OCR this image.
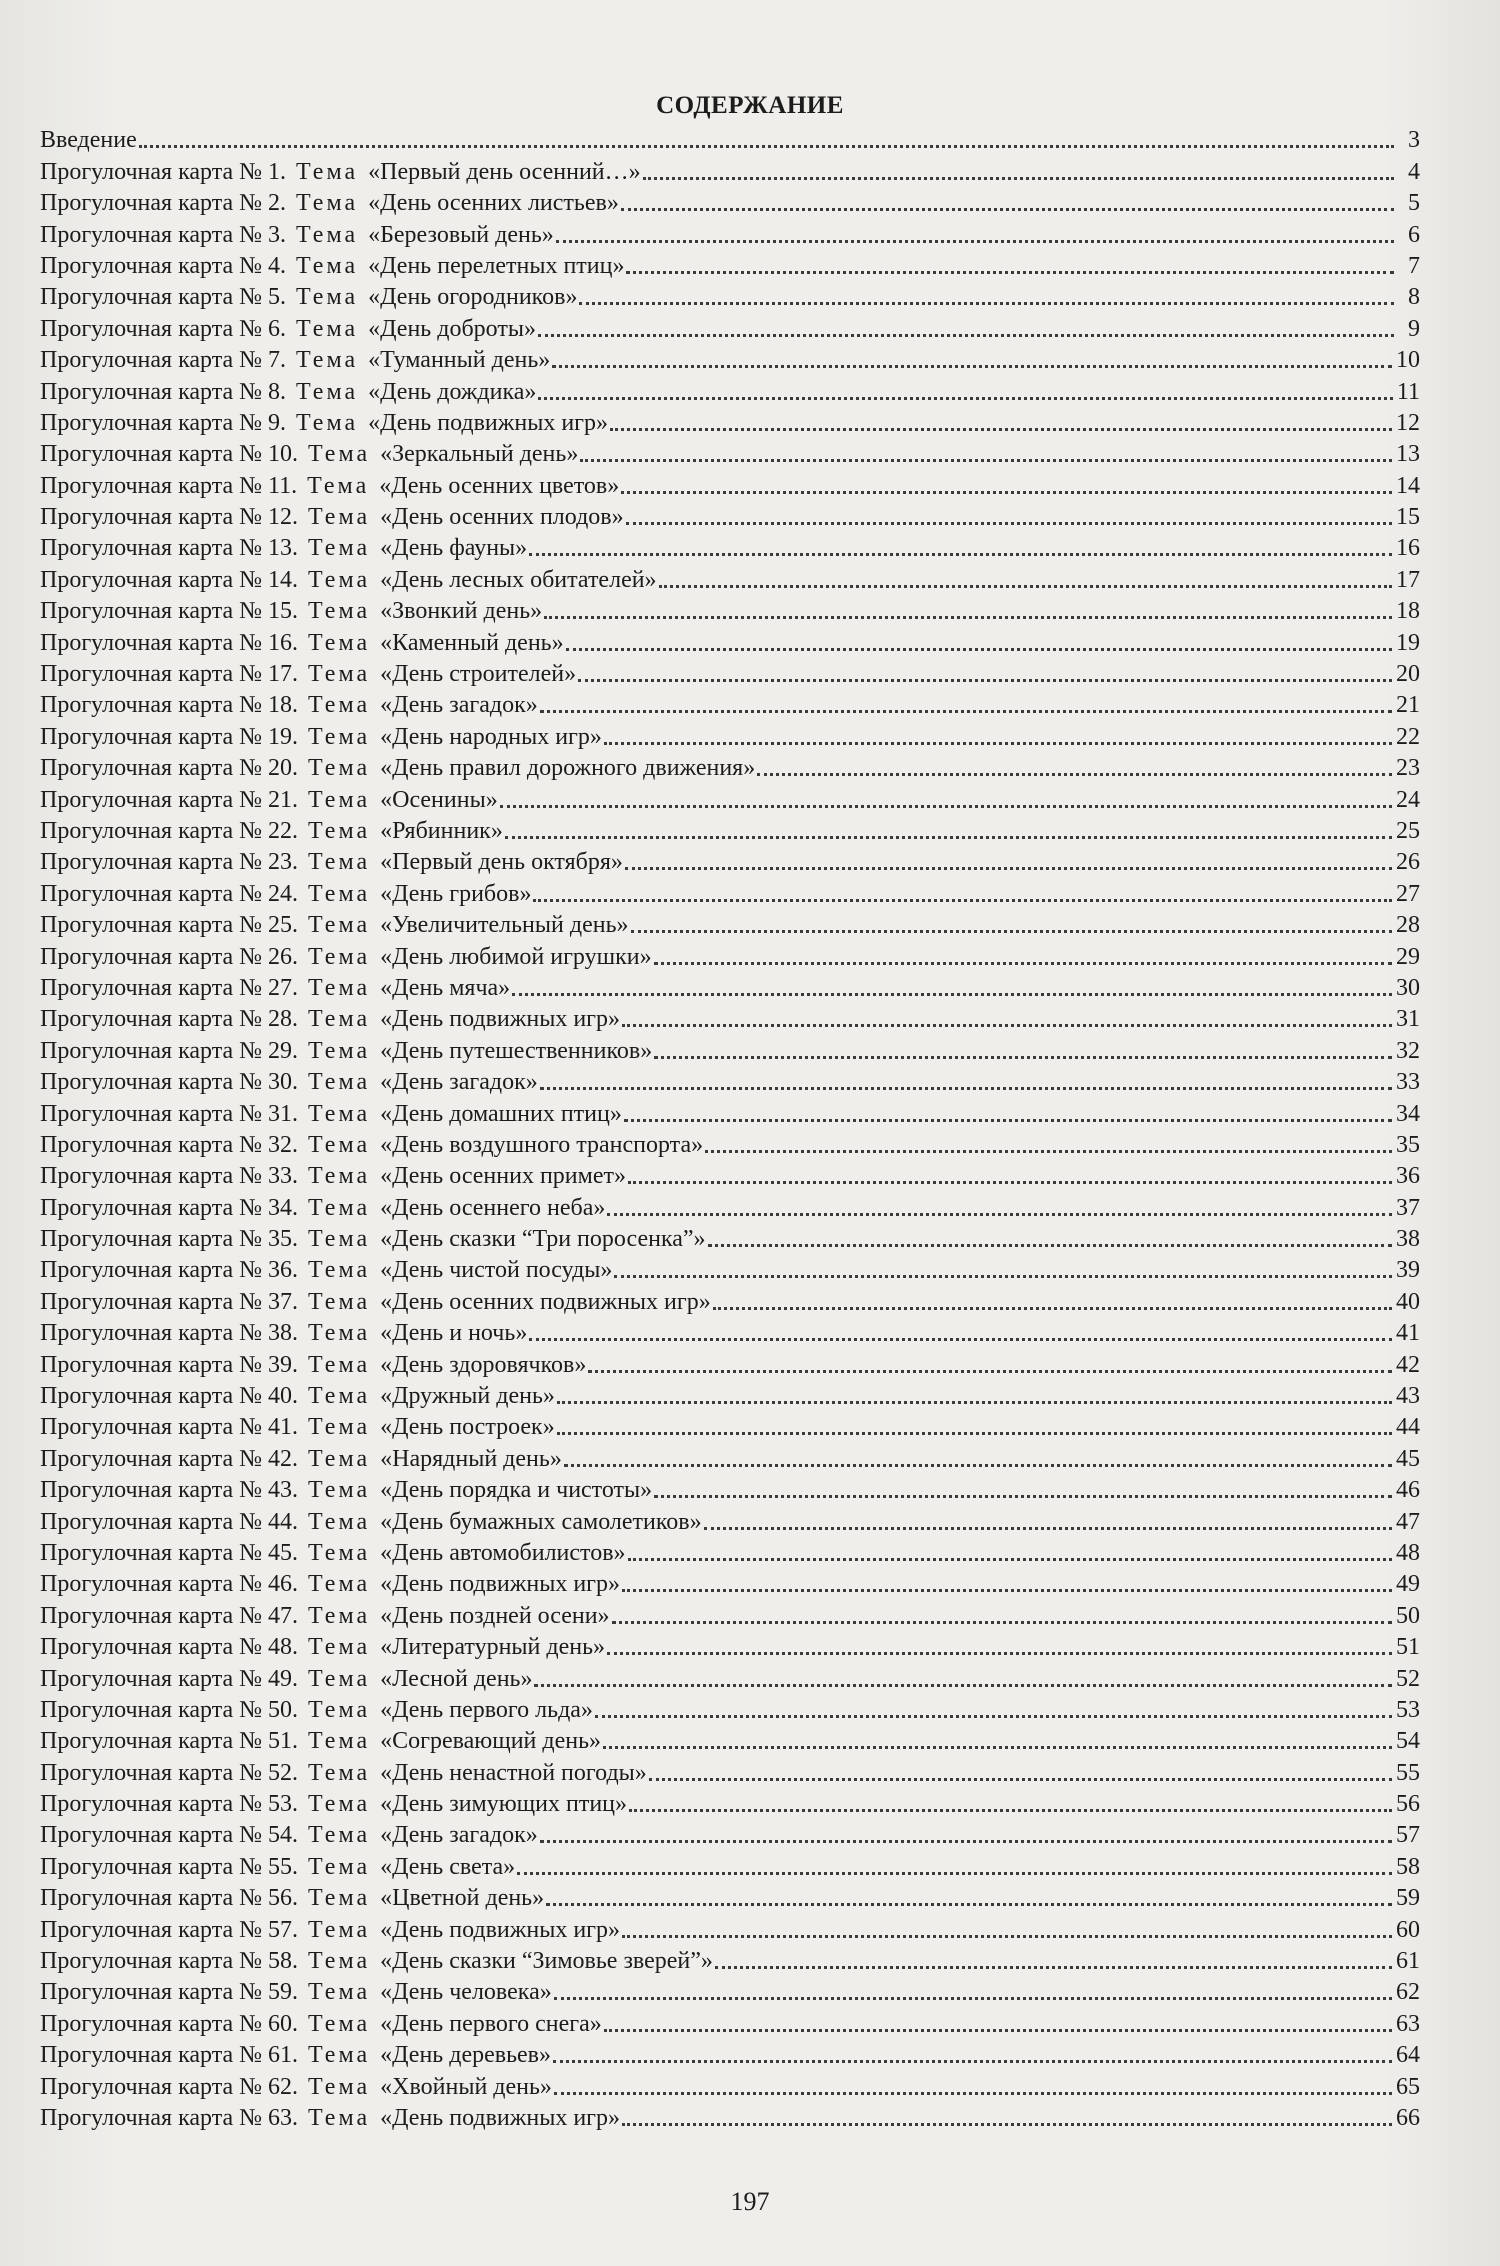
СОДЕРЖАНИЕ
Введение	3
Прогулочная карта № 1. Тема «Первый день осенний…»	4
Прогулочная карта № 2. Тема «День осенних листьев»	5
Прогулочная карта № 3. Тема «Березовый день»	6
Прогулочная карта № 4. Тема «День перелетных птиц»	7
Прогулочная карта № 5. Тема «День огородников»	8
Прогулочная карта № 6. Тема «День доброты»	9
Прогулочная карта № 7. Тема «Туманный день»	10
Прогулочная карта № 8. Тема «День дождика»	11
Прогулочная карта № 9. Тема «День подвижных игр»	12
Прогулочная карта № 10. Тема «Зеркальный день»	13
Прогулочная карта № 11. Тема «День осенних цветов»	14
Прогулочная карта № 12. Тема «День осенних плодов»	15
Прогулочная карта № 13. Тема «День фауны»	16
Прогулочная карта № 14. Тема «День лесных обитателей»	17
Прогулочная карта № 15. Тема «Звонкий день»	18
Прогулочная карта № 16. Тема «Каменный день»	19
Прогулочная карта № 17. Тема «День строителей»	20
Прогулочная карта № 18. Тема «День загадок»	21
Прогулочная карта № 19. Тема «День народных игр»	22
Прогулочная карта № 20. Тема «День правил дорожного движения»	23
Прогулочная карта № 21. Тема «Осенины»	24
Прогулочная карта № 22. Тема «Рябинник»	25
Прогулочная карта № 23. Тема «Первый день октября»	26
Прогулочная карта № 24. Тема «День грибов»	27
Прогулочная карта № 25. Тема «Увеличительный день»	28
Прогулочная карта № 26. Тема «День любимой игрушки»	29
Прогулочная карта № 27. Тема «День мяча»	30
Прогулочная карта № 28. Тема «День подвижных игр»	31
Прогулочная карта № 29. Тема «День путешественников»	32
Прогулочная карта № 30. Тема «День загадок»	33
Прогулочная карта № 31. Тема «День домашних птиц»	34
Прогулочная карта № 32. Тема «День воздушного транспорта»	35
Прогулочная карта № 33. Тема «День осенних примет»	36
Прогулочная карта № 34. Тема «День осеннего неба»	37
Прогулочная карта № 35. Тема «День сказки “Три поросенка”»	38
Прогулочная карта № 36. Тема «День чистой посуды»	39
Прогулочная карта № 37. Тема «День осенних подвижных игр»	40
Прогулочная карта № 38. Тема «День и ночь»	41
Прогулочная карта № 39. Тема «День здоровячков»	42
Прогулочная карта № 40. Тема «Дружный день»	43
Прогулочная карта № 41. Тема «День построек»	44
Прогулочная карта № 42. Тема «Нарядный день»	45
Прогулочная карта № 43. Тема «День порядка и чистоты»	46
Прогулочная карта № 44. Тема «День бумажных самолетиков»	47
Прогулочная карта № 45. Тема «День автомобилистов»	48
Прогулочная карта № 46. Тема «День подвижных игр»	49
Прогулочная карта № 47. Тема «День поздней осени»	50
Прогулочная карта № 48. Тема «Литературный день»	51
Прогулочная карта № 49. Тема «Лесной день»	52
Прогулочная карта № 50. Тема «День первого льда»	53
Прогулочная карта № 51. Тема «Согревающий день»	54
Прогулочная карта № 52. Тема «День ненастной погоды»	55
Прогулочная карта № 53. Тема «День зимующих птиц»	56
Прогулочная карта № 54. Тема «День загадок»	57
Прогулочная карта № 55. Тема «День света»	58
Прогулочная карта № 56. Тема «Цветной день»	59
Прогулочная карта № 57. Тема «День подвижных игр»	60
Прогулочная карта № 58. Тема «День сказки “Зимовье зверей”»	61
Прогулочная карта № 59. Тема «День человека»	62
Прогулочная карта № 60. Тема «День первого снега»	63
Прогулочная карта № 61. Тема «День деревьев»	64
Прогулочная карта № 62. Тема «Хвойный день»	65
Прогулочная карта № 63. Тема «День подвижных игр»	66
197
